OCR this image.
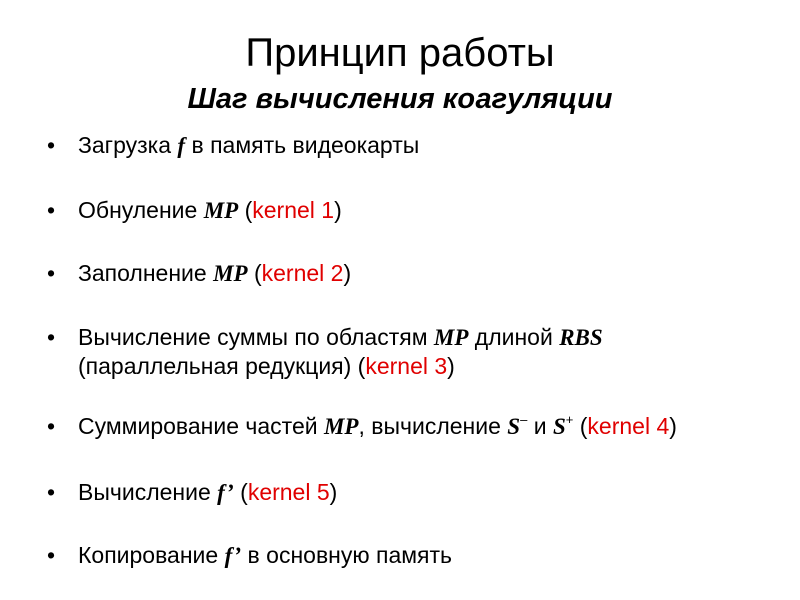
Принцип работы
Шаг вычисления коагуляции
• Загрузка f в память видеокарты
• Обнуление MP (kernel 1)
• Заполнение MP (kernel 2)
• Вычисление суммы по областям MP длиной RBS
(параллельная редукция) (kernel 3)
• Суммирование частей MP, вычисление S– и S+ (kernel 4)
• Вычисление f’ (kernel 5)
• Копирование f’ в основную память
